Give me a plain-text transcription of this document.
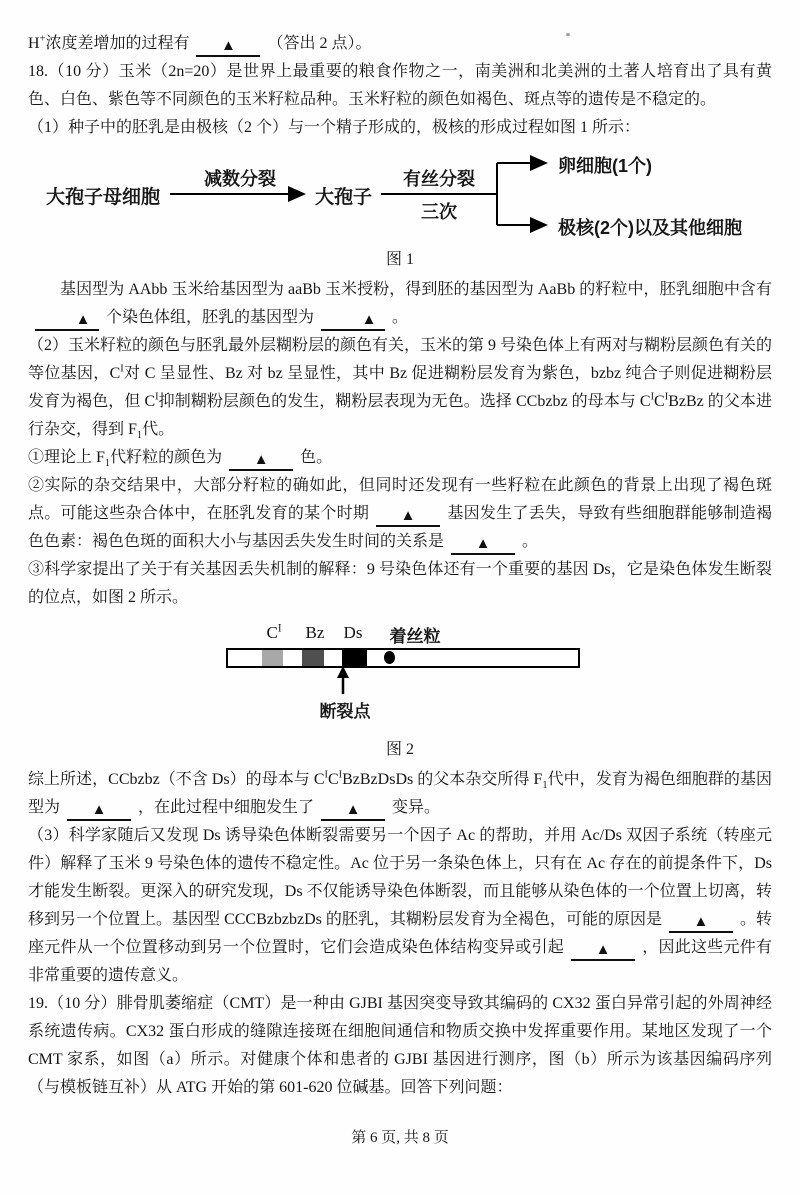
H+浓度差增加的过程有 ▲ （答出 2 点）。
18.（10 分）玉米（2n=20）是世界上最重要的粮食作物之一，南美洲和北美洲的土著人培育出了具有黄色、白色、紫色等不同颜色的玉米籽粒品种。玉米籽粒的颜色如褐色、斑点等的遗传是不稳定的。
（1）种子中的胚乳是由极核（2 个）与一个精子形成的，极核的形成过程如图 1 所示：
大孢子母细胞
减数分裂
大孢子
有丝分裂
三次
卵细胞(1个)
极核(2个)以及其他细胞
图 1
基因型为 AAbb 玉米给基因型为 aaBb 玉米授粉，得到胚的基因型为 AaBb 的籽粒中，胚乳细胞中含有▲ 个染色体组，胚乳的基因型为	▲ 。
（2）玉米籽粒的颜色与胚乳最外层糊粉层的颜色有关，玉米的第 9 号染色体上有两对与糊粉层颜色有关的等位基因，$C^I$对 C 呈显性、Bz 对 bz 呈显性，其中 Bz 促进糊粉层发育为紫色，bzbz 纯合子则促进糊粉层发育为褐色，但 $C^I$抑制糊粉层颜色的发生，糊粉层表现为无色。选择 CCbzbz 的母本与 $C^IC^IBzBz$ 的父本进行杂交，得到 $F_1$代。
①理论上 $F_1$代籽粒的颜色为 ▲ 色。
②实际的杂交结果中，大部分籽粒的确如此，但同时还发现有一些籽粒在此颜色的背景上出现了褐色斑点。可能这些杂合体中，在胚乳发育的某个时期 ▲ 基因发生了丢失，导致有些细胞群能够制造褐色色素：褐色色斑的面积大小与基因丢失发生时间的关系是 ▲ 。
③科学家提出了关于有关基因丢失机制的解释：9 号染色体还有一个重要的基因 Ds，它是染色体发生断裂的位点，如图 2 所示。
$C^I$ Bz Ds 着丝粒
断裂点
图 2
综上所述，CCbzbz（不含 Ds）的母本与 $C^IC^IBzBzDsDs$ 的父本杂交所得 $F_1$代中，发育为褐色细胞群的基因型为 ▲ ，在此过程中细胞发生了 ▲ 变异。
（3）科学家随后又发现 Ds 诱导染色体断裂需要另一个因子 Ac 的帮助，并用 Ac/Ds 双因子系统（转座元件）解释了玉米 9 号染色体的遗传不稳定性。Ac 位于另一条染色体上，只有在 Ac 存在的前提条件下，Ds 才能发生断裂。更深入的研究发现，Ds 不仅能诱导染色体断裂，而且能够从染色体的一个位置上切离，转移到另一个位置上。基因型 CCCBzbzbzDs 的胚乳，其糊粉层发育为全褐色，可能的原因是 ▲ 。转座元件从一个位置移动到另一个位置时，它们会造成染色体结构变异或引起 ▲ ，因此这些元件有非常重要的遗传意义。
19.（10 分）腓骨肌萎缩症（CMT）是一种由 GJBI 基因突变导致其编码的 CX32 蛋白异常引起的外周神经系统遗传病。CX32 蛋白形成的缝隙连接斑在细胞间通信和物质交换中发挥重要作用。某地区发现了一个 CMT 家系，如图（a）所示。对健康个体和患者的 GJBI 基因进行测序，图（b）所示为该基因编码序列（与模板链互补）从 ATG 开始的第 601-620 位碱基。回答下列问题：
第 6 页, 共 8 页
